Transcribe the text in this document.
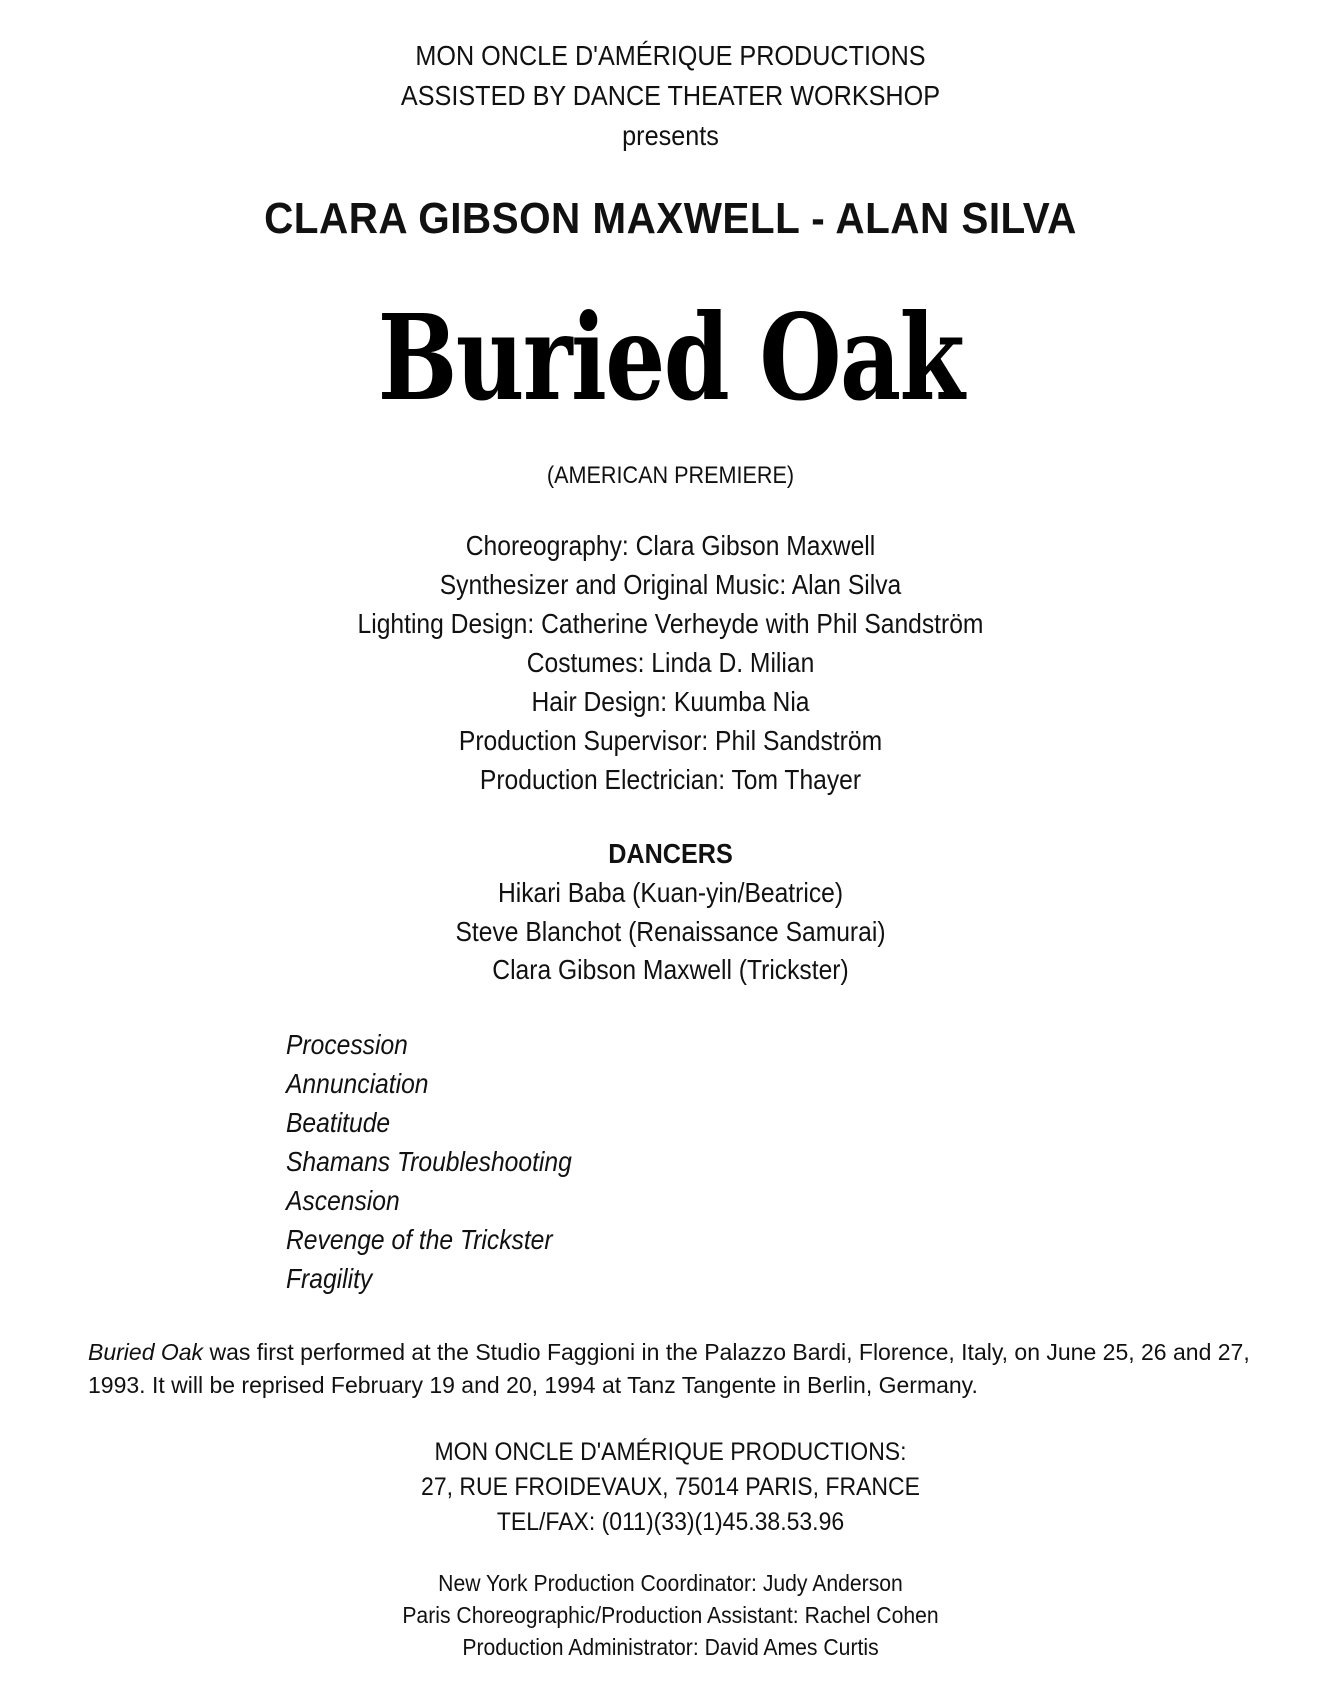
MON ONCLE D'AMÉRIQUE PRODUCTIONS
ASSISTED BY DANCE THEATER WORKSHOP
presents
CLARA GIBSON MAXWELL - ALAN SILVA
Buried Oak
(AMERICAN PREMIERE)
Choreography: Clara Gibson Maxwell
Synthesizer and Original Music: Alan Silva
Lighting Design: Catherine Verheyde with Phil Sandström
Costumes: Linda D. Milian
Hair Design: Kuumba Nia
Production Supervisor: Phil Sandström
Production Electrician: Tom Thayer
DANCERS
Hikari Baba (Kuan-yin/Beatrice)
Steve Blanchot (Renaissance Samurai)
Clara Gibson Maxwell (Trickster)
Procession
Annunciation
Beatitude
Shamans Troubleshooting
Ascension
Revenge of the Trickster
Fragility

Buried Oak was first performed at the Studio Faggioni in the Palazzo Bardi, Florence, Italy, on June 25, 26 and 27, 1993. It will be reprised February 19 and 20, 1994 at Tanz Tangente in Berlin, Germany.

MON ONCLE D'AMÉRIQUE PRODUCTIONS:
27, RUE FROIDEVAUX, 75014 PARIS, FRANCE
TEL/FAX: (011)(33)(1)45.38.53.96
New York Production Coordinator: Judy Anderson
Paris Choreographic/Production Assistant: Rachel Cohen
Production Administrator: David Ames Curtis
